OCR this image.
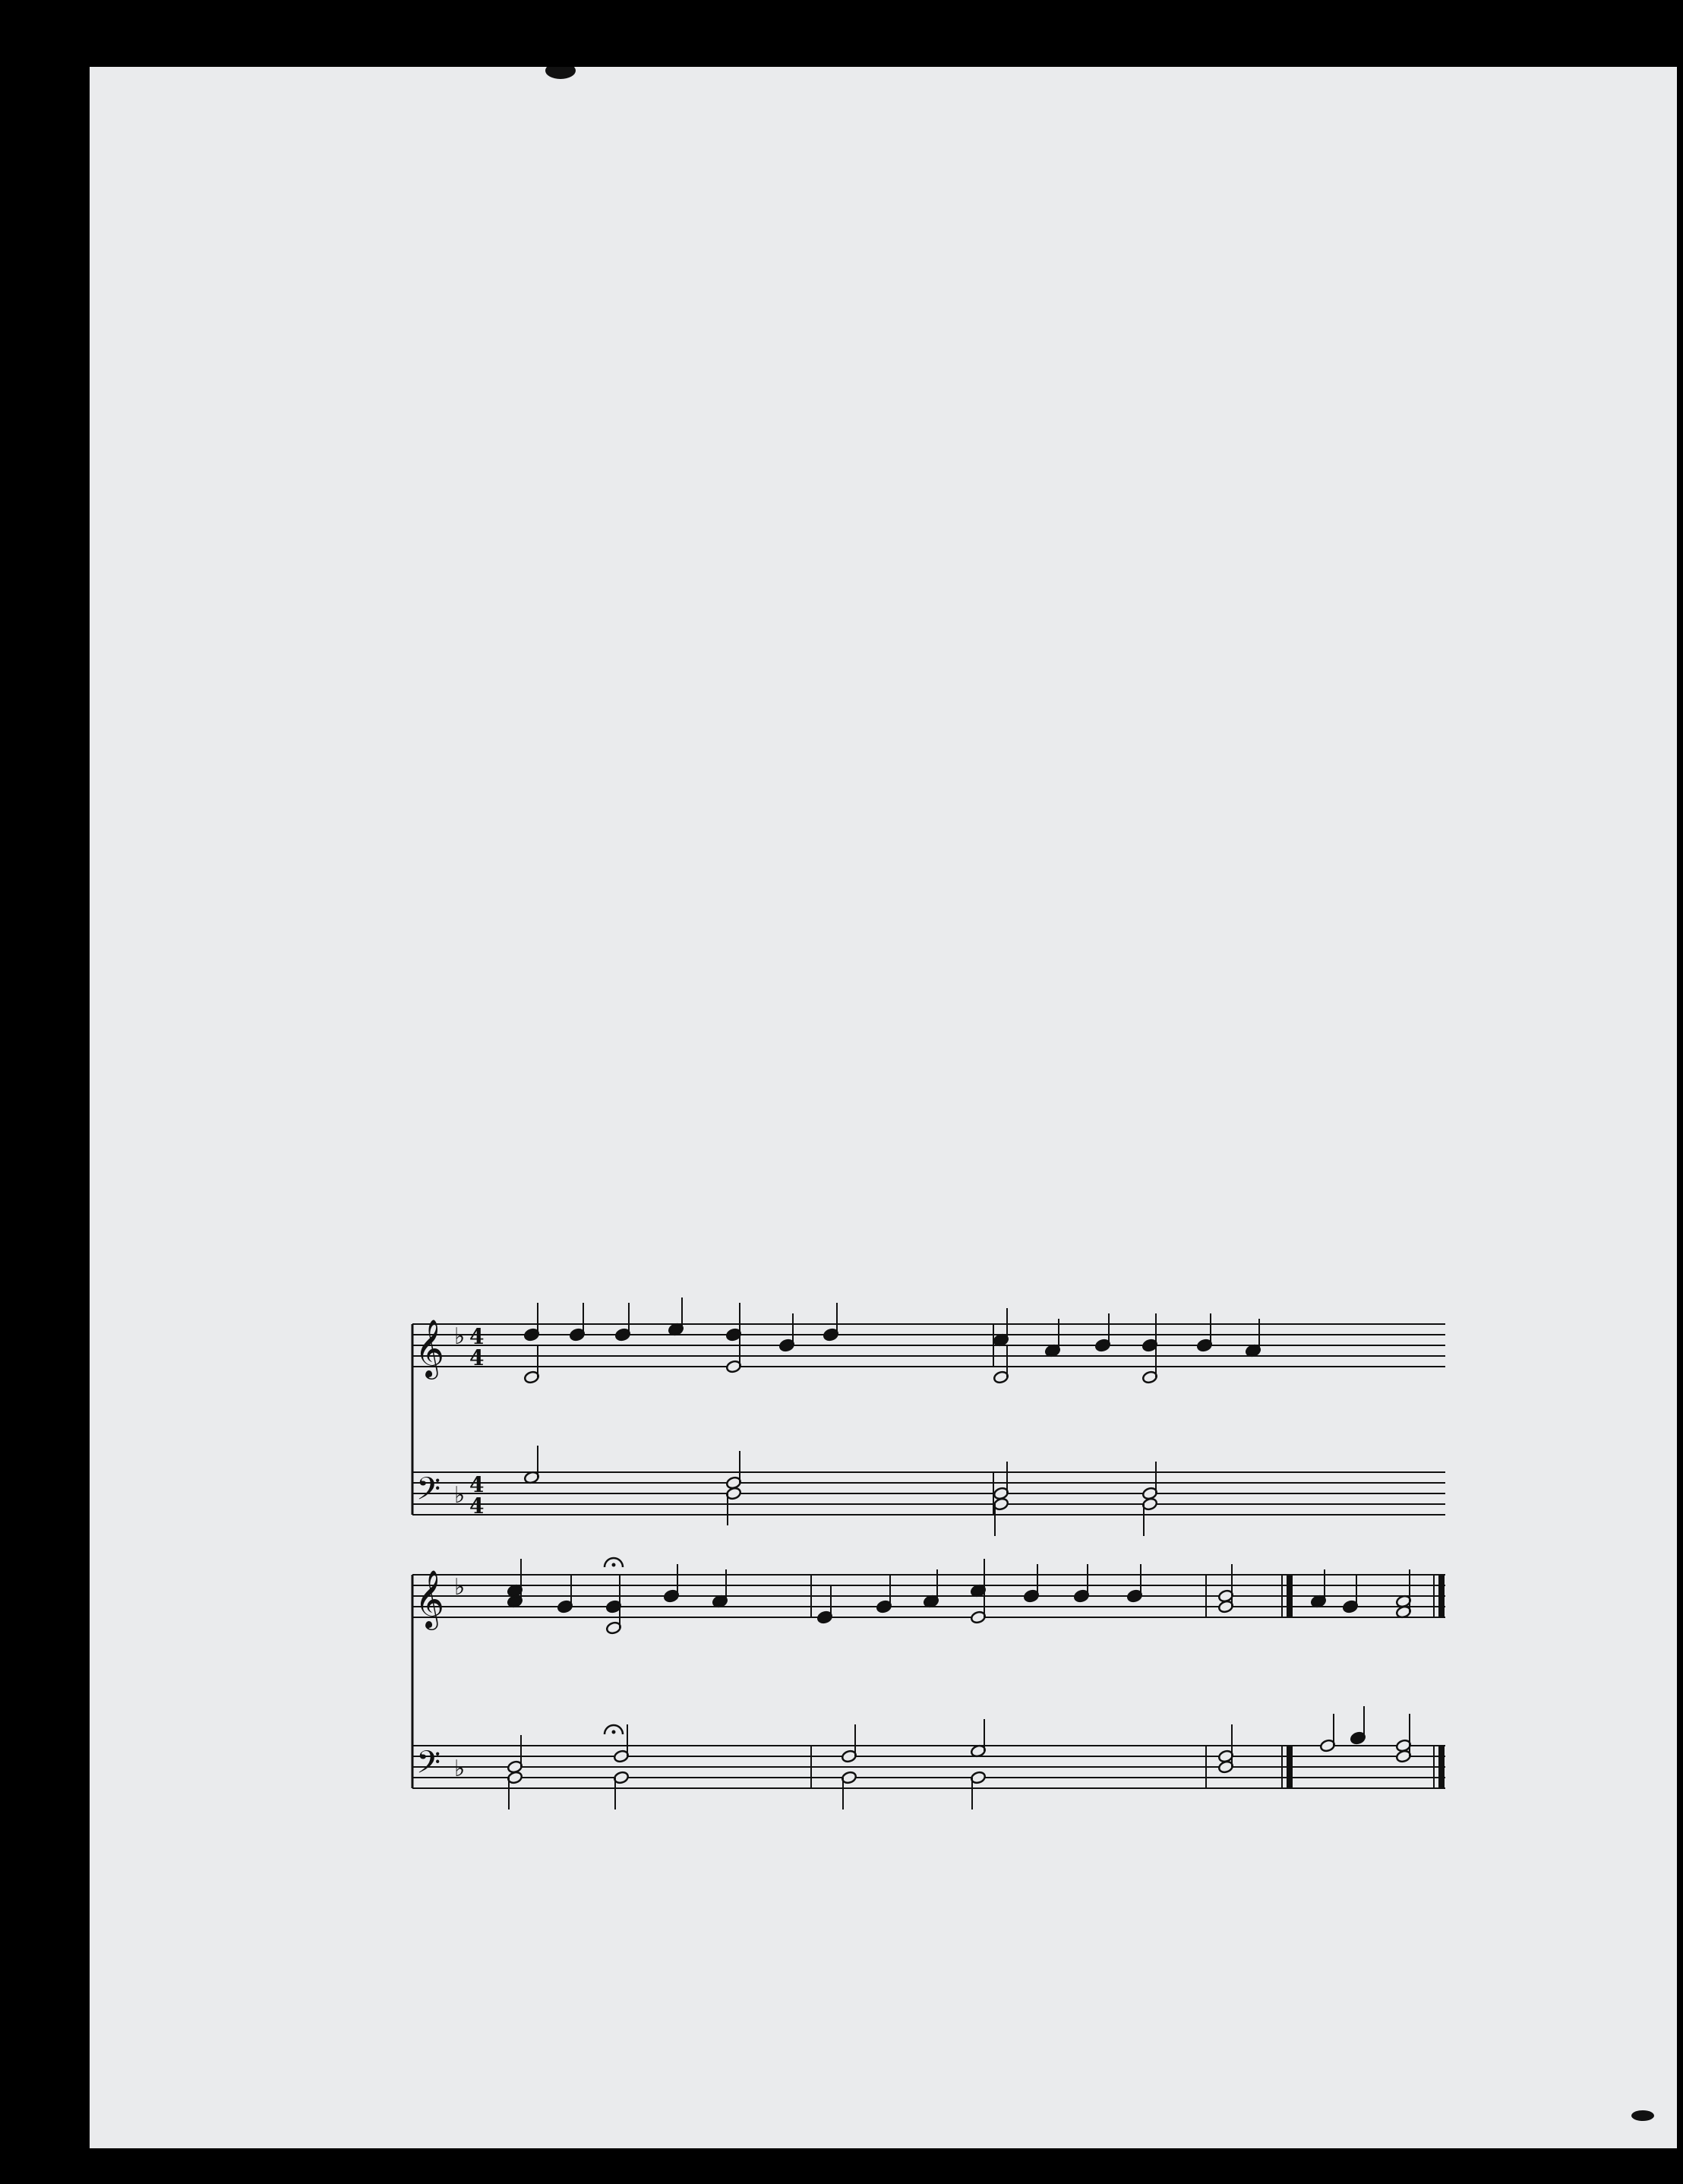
𝄞
𝄢
♭
♭
4
4
4
4
𝄞
𝄢
♭
♭
